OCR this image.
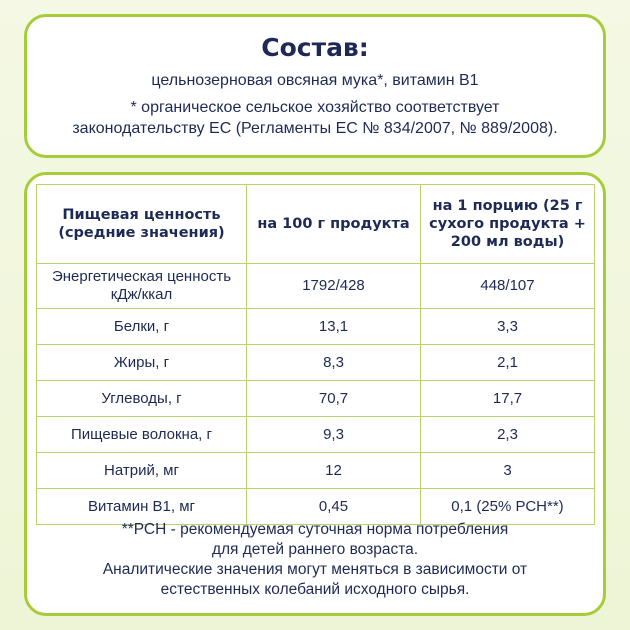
Состав:

цельнозерновая овсяная мука*, витамин B1

* органическое сельское хозяйство соответствует

законодательству ЕС (Регламенты ЕС № 834/2007, № 889/2008).

Пищевая ценность (средние значения)	на 100 г продукта	на 1 порцию (25 г сухого продукта + 200 мл воды)
Энергетическая ценность кДж/ккал	1792/428	448/107
Белки, г	13,1	3,3
Жиры, г	8,3	2,1
Углеводы, г	70,7	17,7
Пищевые волокна, г	9,3	2,3
Натрий, мг	12	3
Витамин B1, мг	0,45	0,1 (25% РСН**)
**РСН - рекомендуемая суточная норма потребления
для детей раннего возраста.
Аналитические значения могут меняться в зависимости от
естественных колебаний исходного сырья.
